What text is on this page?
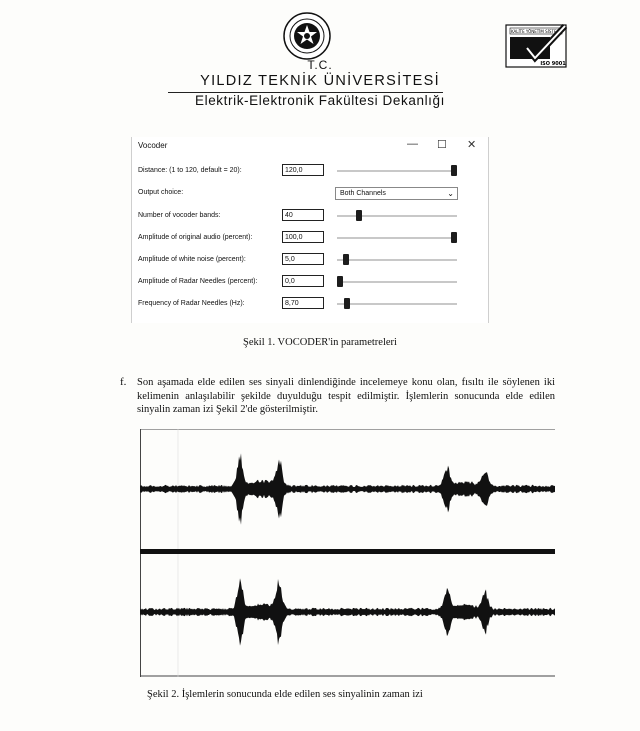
KALİTE YÖNETİM SİSTEMİ
ISO 9001
T.C.
YILDIZ TEKNİK ÜNİVERSİTESİ
Elektrik-Elektronik Fakültesi Dekanlığı
Vocoder	— ☐ ✕
Distance: (1 to 120, default = 20):	120,0
Output choice:	Both Channels	⌄
Number of vocoder bands:	40
Amplitude of original audio (percent):	100,0
Amplitude of white noise (percent):	5,0
Amplitude of Radar Needles (percent):	0,0
Frequency of Radar Needles (Hz):	8,70
Şekil 1. VOCODER'in parametreleri
f. Son aşamada elde edilen ses sinyali dinlendiğinde incelemeye konu olan, fısıltı ile söylenen iki kelimenin anlaşılabilir şekilde duyulduğu tespit edilmiştir. İşlemlerin sonucunda elde edilen sinyalin zaman izi Şekil 2'de gösterilmiştir.
Şekil 2. İşlemlerin sonucunda elde edilen ses sinyalinin zaman izi
